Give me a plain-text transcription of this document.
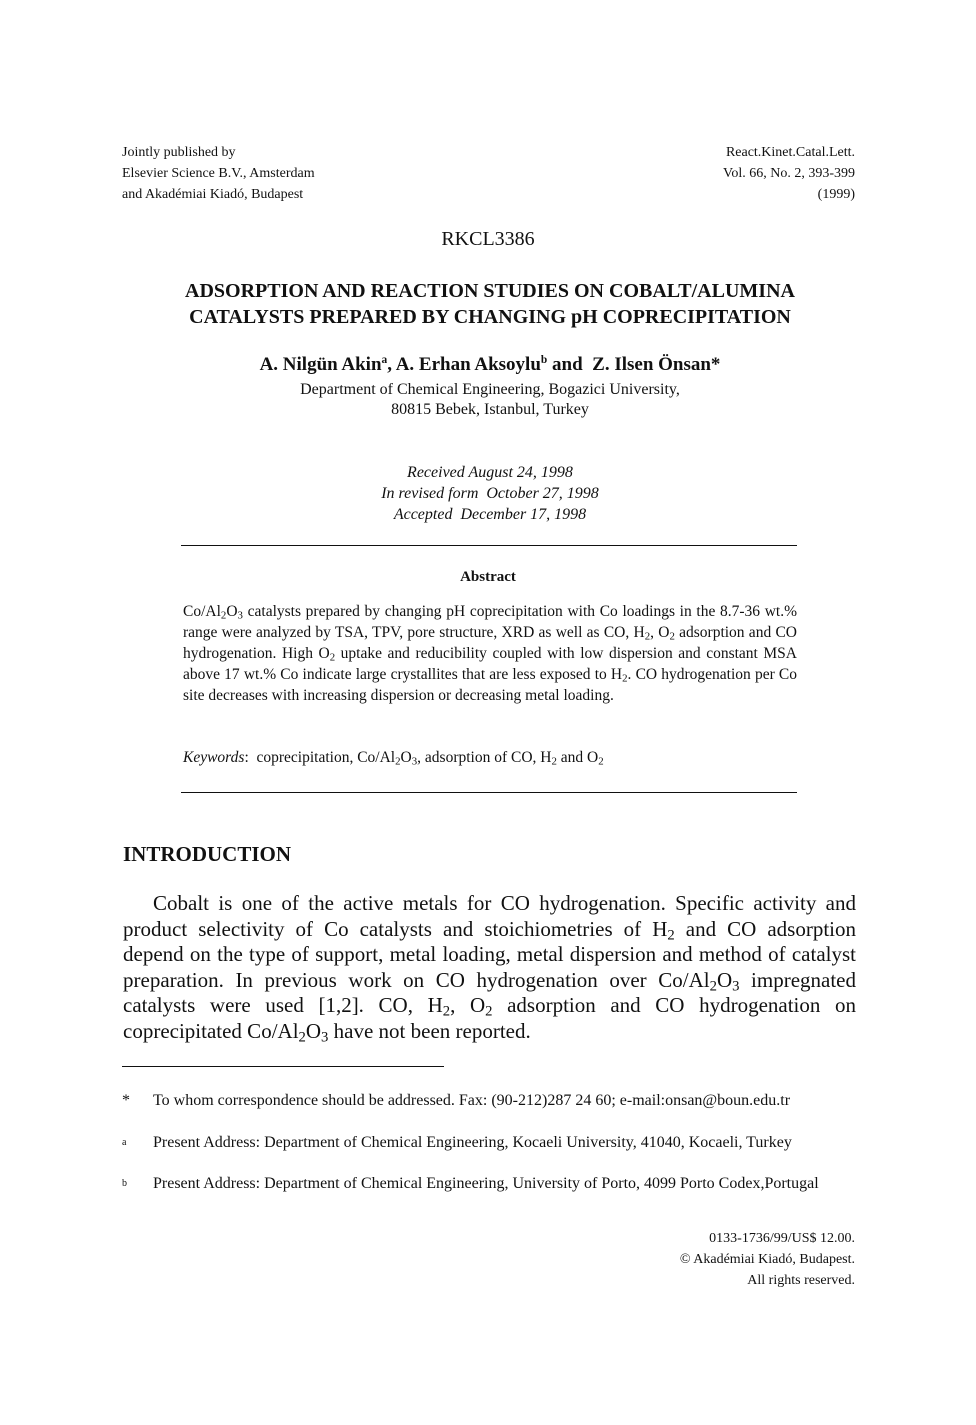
Jointly published by
Elsevier Science B.V., Amsterdam
and Akadémiai Kiadó, Budapest
React.Kinet.Catal.Lett.
Vol. 66, No. 2, 393-399
(1999)
RKCL3386
ADSORPTION AND REACTION STUDIES ON COBALT/ALUMINA
CATALYSTS PREPARED BY CHANGING pH COPRECIPITATION
A. Nilgün Akin$^a$, A. Erhan Aksoylu$^b$ and  Z. Ilsen Önsan*
Department of Chemical Engineering, Bogazici University,
80815 Bebek, Istanbul, Turkey
Received August 24, 1998
In revised form  October 27, 1998
Accepted  December 17, 1998
Abstract
$Co/Al_2O_3$ catalysts prepared by changing pH coprecipitation with Co loadings in the 8.7-36 wt.% range were analyzed by TSA, TPV, pore structure, XRD as well as CO, $H_2$, $O_2$ adsorption and CO hydrogenation. High $O_2$ uptake and reducibility coupled with low dispersion and constant MSA above 17 wt.% Co indicate large crystallites that are less exposed to $H_2$. CO hydrogenation per Co site decreases with increasing dispersion or decreasing metal loading.
Keywords:  coprecipitation, $Co/Al_2O_3$, adsorption of CO, $H_2$ and $O_2$
INTRODUCTION
Cobalt is one of the active metals for CO hydrogenation. Specific activity and product selectivity of Co catalysts and stoichiometries of $H_2$ and CO adsorption depend on the type of support, metal loading, metal dispersion and method of catalyst preparation. In previous work on CO hydrogenation over $Co/Al_2O_3$ impregnated catalysts were used [1,2]. CO, $H_2$, $O_2$ adsorption and CO hydrogenation on coprecipitated $Co/Al_2O_3$ have not been reported.
*	To whom correspondence should be addressed. Fax: (90-212)287 24 60; e-mail:onsan@boun.edu.tr
a	Present Address: Department of Chemical Engineering, Kocaeli University, 41040, Kocaeli, Turkey
b	Present Address: Department of Chemical Engineering, University of Porto, 4099 Porto Codex,Portugal
0133-1736/99/US$ 12.00.
© Akadémiai Kiadó, Budapest.
All rights reserved.
